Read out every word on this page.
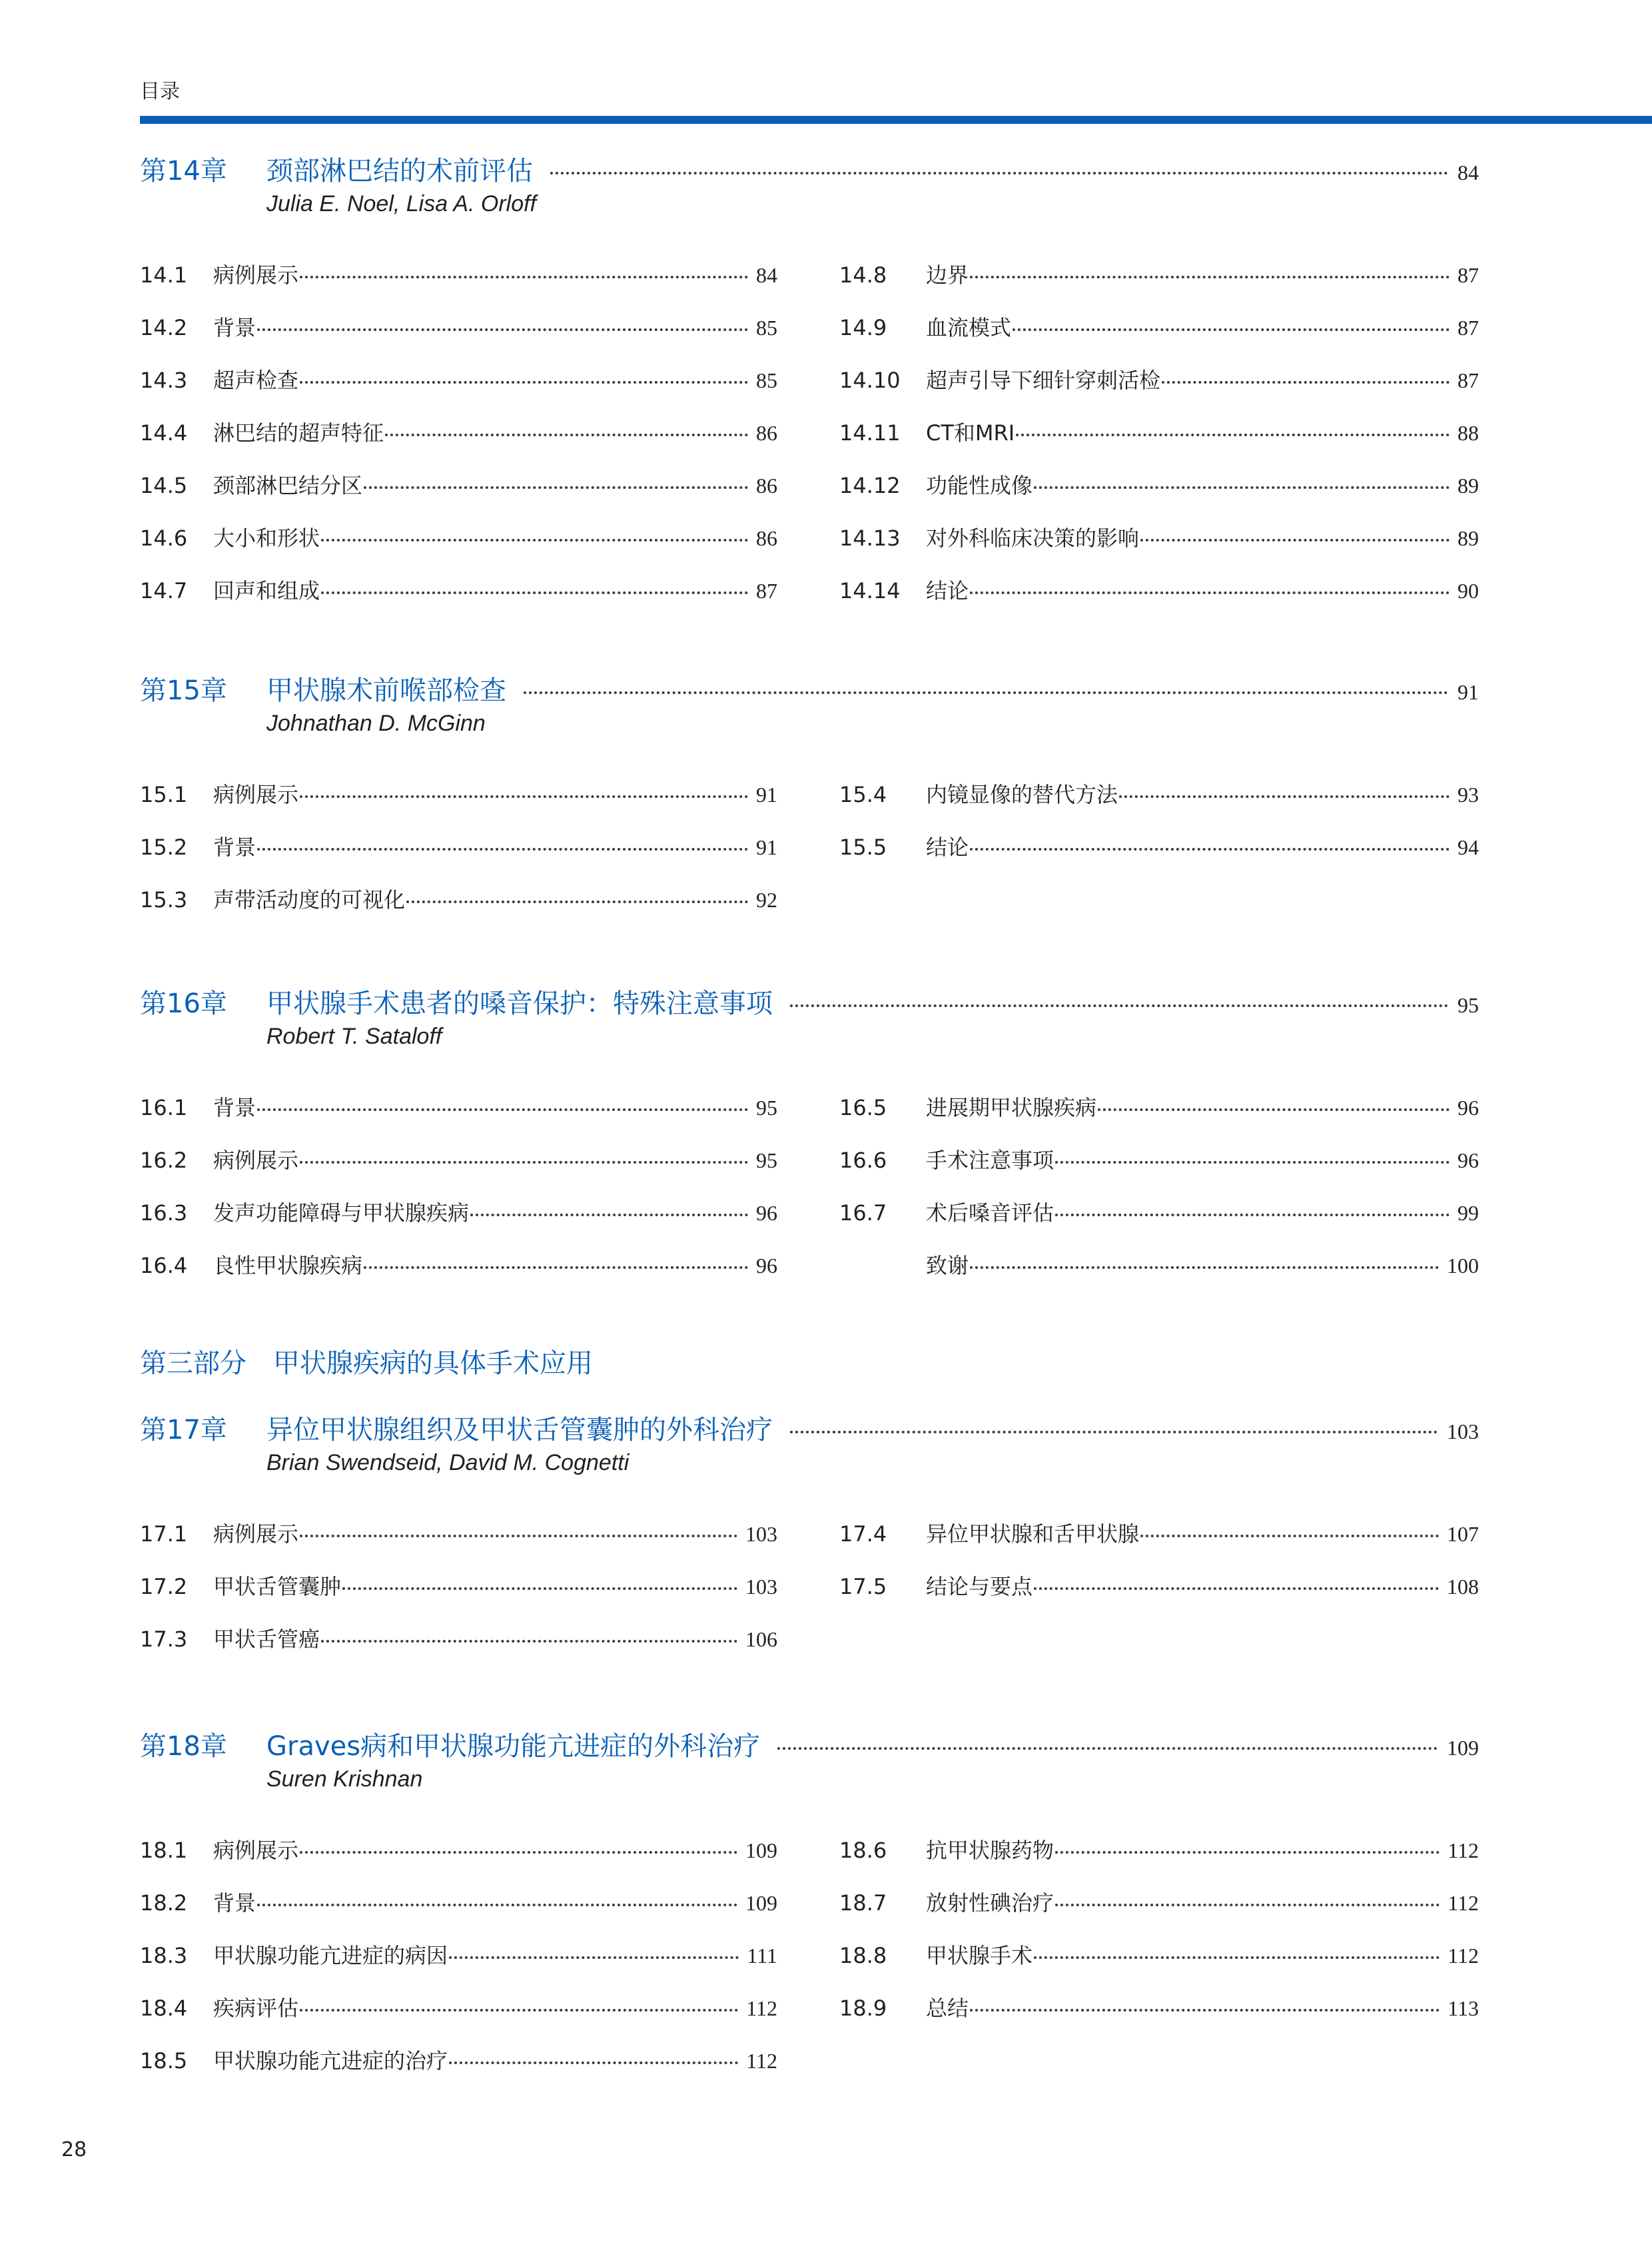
目录
第14章	颈部淋巴结的术前评估	84
Julia E. Noel, Lisa A. Orloff
14.1	病例展示	84
14.2	背景	85
14.3	超声检查	85
14.4	淋巴结的超声特征	86
14.5	颈部淋巴结分区	86
14.6	大小和形状	86
14.7	回声和组成	87
14.8	边界	87
14.9	血流模式	87
14.10	超声引导下细针穿刺活检	87
14.11	CT和MRI	88
14.12	功能性成像	89
14.13	对外科临床决策的影响	89
14.14	结论	90
第15章	甲状腺术前喉部检查	91
Johnathan D. McGinn
15.1	病例展示	91
15.2	背景	91
15.3	声带活动度的可视化	92
15.4	内镜显像的替代方法	93
15.5	结论	94
第16章	甲状腺手术患者的嗓音保护：特殊注意事项	95
Robert T. Sataloff
16.1	背景	95
16.2	病例展示	95
16.3	发声功能障碍与甲状腺疾病	96
16.4	良性甲状腺疾病	96
16.5	进展期甲状腺疾病	96
16.6	手术注意事项	96
16.7	术后嗓音评估	99
致谢	100
第17章	异位甲状腺组织及甲状舌管囊肿的外科治疗	103
Brian Swendseid, David M. Cognetti
17.1	病例展示	103
17.2	甲状舌管囊肿	103
17.3	甲状舌管癌	106
17.4	异位甲状腺和舌甲状腺	107
17.5	结论与要点	108
第18章	Graves病和甲状腺功能亢进症的外科治疗	109
Suren Krishnan
18.1	病例展示	109
18.2	背景	109
18.3	甲状腺功能亢进症的病因	111
18.4	疾病评估	112
18.5	甲状腺功能亢进症的治疗	112
18.6	抗甲状腺药物	112
18.7	放射性碘治疗	112
18.8	甲状腺手术	112
18.9	总结	113
第三部分　甲状腺疾病的具体手术应用
28
